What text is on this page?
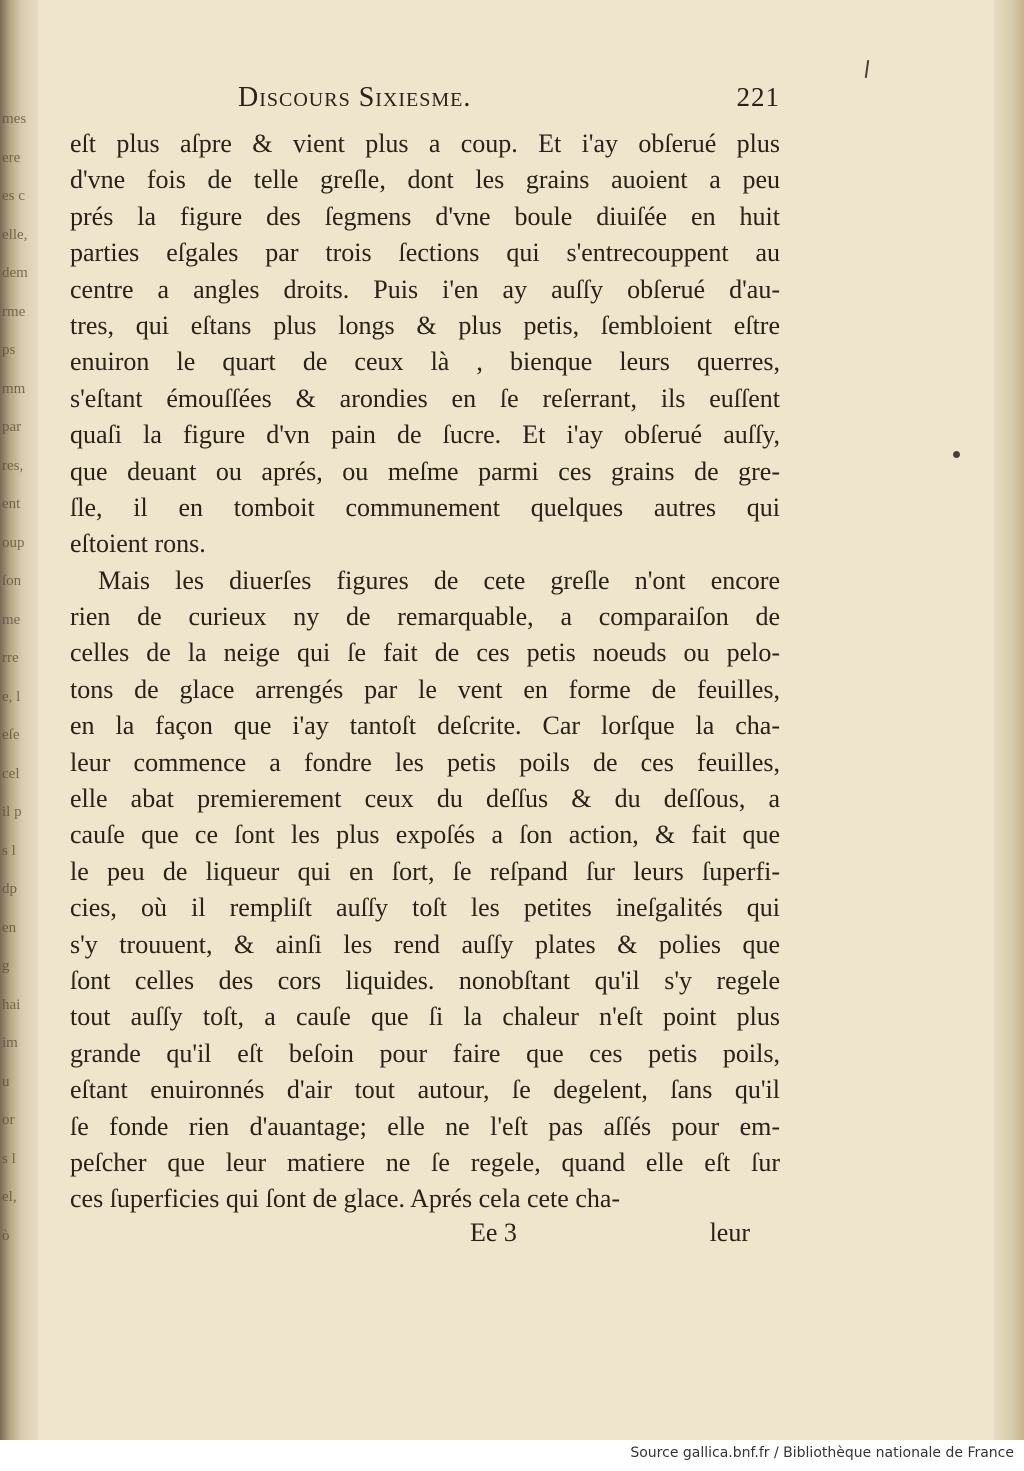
mes
ere
es c
elle,
dem
rme
ps
mm
par
res,
ent
oup
ſon
me
rre
e, l
eſe
cel
il p
s l
dp
en
g
hai
im
u
or
s l
el,
ò
Discours Sixiesme.	221
eſt plus aſpre & vient plus a coup. Et i'ay obſerué plus
d'vne fois de telle greſle, dont les grains auoient a peu
prés la figure des ſegmens d'vne boule diuiſée en huit
parties eſgales par trois ſections qui s'entrecouppent au
centre a angles droits. Puis i'en ay auſſy obſerué d'au-
tres, qui eſtans plus longs & plus petis, ſembloient eſtre
enuiron le quart de ceux là , bienque leurs querres,
s'eſtant émouſſées & arondies en ſe reſerrant, ils euſſent
quaſi la figure d'vn pain de ſucre. Et i'ay obſerué auſſy,
que deuant ou aprés, ou meſme parmi ces grains de gre-
ſle, il en tomboit communement quelques autres qui
eſtoient rons.
Mais les diuerſes figures de cete greſle n'ont encore
rien de curieux ny de remarquable, a comparaiſon de
celles de la neige qui ſe fait de ces petis noeuds ou pelo-
tons de glace arrengés par le vent en forme de feuilles,
en la façon que i'ay tantoſt deſcrite. Car lorſque la cha-
leur commence a fondre les petis poils de ces feuilles,
elle abat premierement ceux du deſſus & du deſſous, a
cauſe que ce ſont les plus expoſés a ſon action, & fait que
le peu de liqueur qui en ſort, ſe reſpand ſur leurs ſuperfi-
cies, où il rempliſt auſſy toſt les petites ineſgalités qui
s'y trouuent, & ainſi les rend auſſy plates & polies que
ſont celles des cors liquides. nonobſtant qu'il s'y regele
tout auſſy toſt, a cauſe que ſi la chaleur n'eſt point plus
grande qu'il eſt beſoin pour faire que ces petis poils,
eſtant enuironnés d'air tout autour, ſe degelent, ſans qu'il
ſe fonde rien d'auantage; elle ne l'eſt pas aſſés pour em-
peſcher que leur matiere ne ſe regele, quand elle eſt ſur
ces ſuperficies qui ſont de glace. Aprés cela cete cha-
Ee 3	leur
Source gallica.bnf.fr / Bibliothèque nationale de France
